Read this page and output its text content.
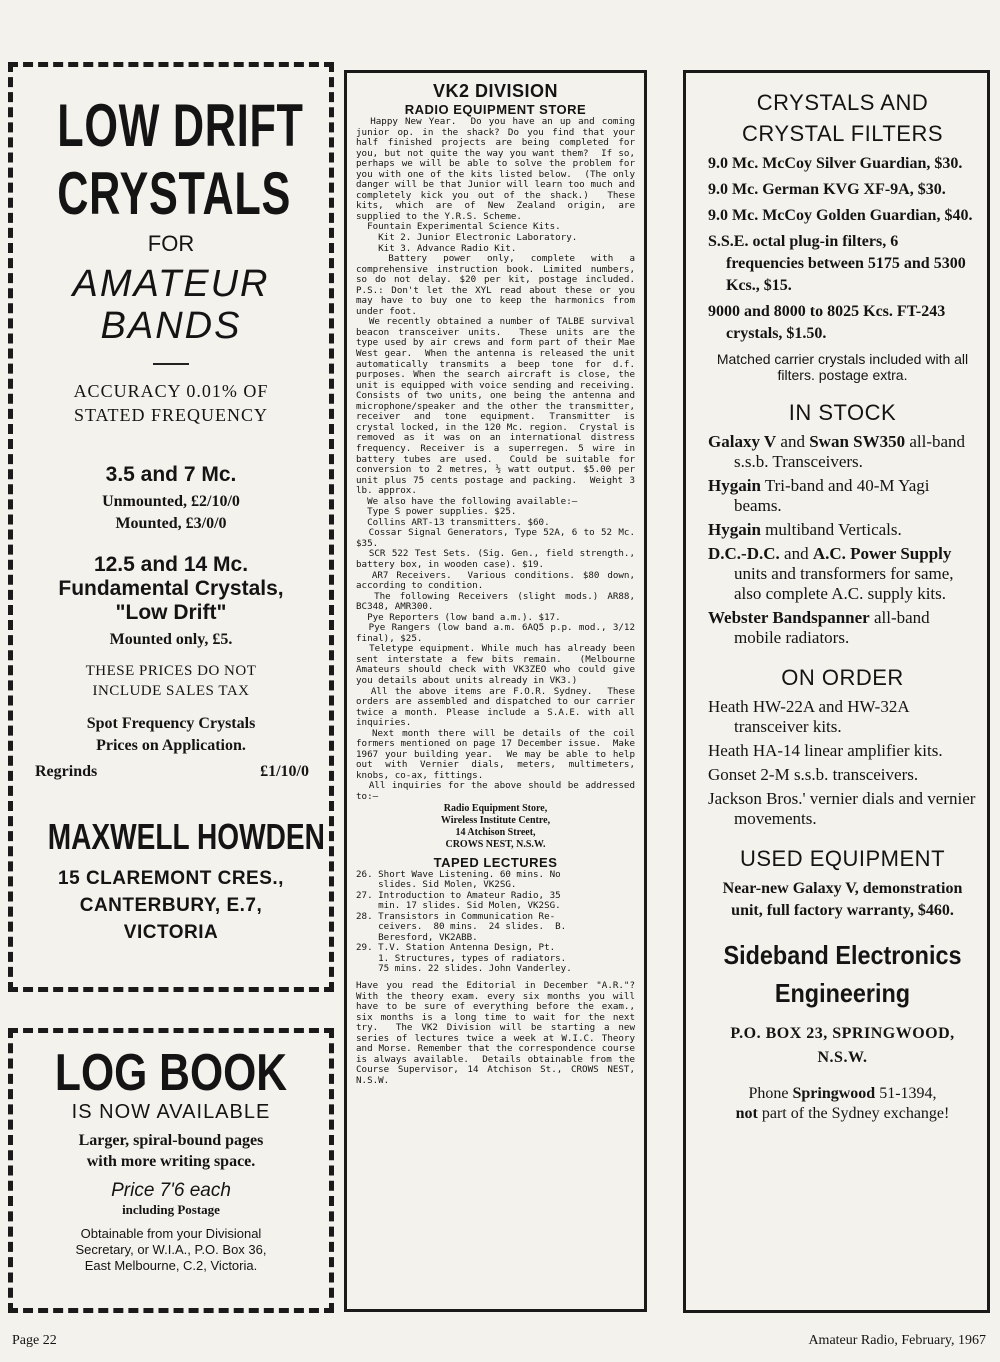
LOW DRIFT
CRYSTALS
FOR
AMATEUR
BANDS
ACCURACY 0.01% OF
STATED FREQUENCY
3.5 and 7 Mc.
Unmounted, £2/10/0
Mounted, £3/0/0
12.5 and 14 Mc.
Fundamental Crystals,
"Low Drift"
Mounted only, £5.
THESE PRICES DO NOT
INCLUDE SALES TAX
Spot Frequency Crystals
Prices on Application.
Regrinds	£1/10/0
MAXWELL HOWDEN
15 CLAREMONT CRES.,
CANTERBURY, E.7,
VICTORIA
LOG BOOK
IS NOW AVAILABLE
Larger, spiral-bound pages
with more writing space.
Price 7'6 each
including Postage
Obtainable from your Divisional
Secretary, or W.I.A., P.O. Box 36,
East Melbourne, C.2, Victoria.
VK2 DIVISION
RADIO EQUIPMENT STORE

Happy New Year.  Do you have an up and coming junior op. in the shack? Do you find that your half finished projects are being completed for you, but not quite the way you want them?  If so, perhaps we will be able to solve the problem for you with one of the kits listed below.  (The only danger will be that Junior will learn too much and completely kick you out of the shack.)  These kits, which are of New Zealand origin, are supplied to the Y.R.S. Scheme.
Fountain Experimental Science Kits.
Kit 2. Junior Electronic Laboratory.
Kit 3. Advance Radio Kit.
Battery power only, complete with a comprehensive instruction book. Limited numbers, so do not delay. $20 per kit, postage included.  P.S.: Don't let the XYL read about these or you may have to buy one to keep the harmonics from under foot.
We recently obtained a number of TALBE survival beacon transceiver units.  These units are the type used by air crews and form part of their Mae West gear.  When the antenna is released the unit automatically transmits a beep tone for d.f. purposes. When the search aircraft is close, the unit is equipped with voice sending and receiving.  Consists of two units, one being the antenna and microphone/speaker and the other the transmitter, receiver and tone equipment. Transmitter is crystal locked, in the 120 Mc. region.  Crystal is removed as it was on an international distress frequency. Receiver is a superregen. 5 wire in battery tubes are used.  Could be suitable for conversion to 2 metres, ½ watt output. $5.00 per unit plus 75 cents postage and packing.  Weight 3 lb. approx.
We also have the following available:—
Type S power supplies. $25.
Collins ART-13 transmitters. $60.
Cossar Signal Generators, Type 52A, 6 to 52 Mc. $35.
SCR 522 Test Sets. (Sig. Gen., field strength., battery box, in wooden case). $19.
AR7 Receivers.  Various conditions. $80 down, according to condition.
The following Receivers (slight mods.) AR88, BC348, AMR300.
Pye Reporters (low band a.m.). $17.
Pye Rangers (low band a.m. 6AQ5 p.p. mod., 3/12 final), $25.
Teletype equipment. While much has already been sent interstate a few bits remain.  (Melbourne Amateurs should check with VK3ZEO who could give you details about units already in VK3.)
All the above items are F.O.R. Sydney.  These orders are assembled and dispatched to our carrier twice a month. Please include a S.A.E. with all inquiries.
Next month there will be details of the coil formers mentioned on page 17 December issue.  Make 1967 your building year.  We may be able to help out with Vernier dials, meters, multimeters, knobs, co-ax, fittings.
All inquiries for the above should be addressed to:—

Radio Equipment Store,
Wireless Institute Centre,
14 Atchison Street,
CROWS NEST, N.S.W.
TAPED LECTURES

26. Short Wave Listening. 60 mins. No
slides. Sid Molen, VK2SG.
27. Introduction to Amateur Radio, 35
min. 17 slides. Sid Molen, VK2SG.
28. Transistors in Communication Re-
ceivers.  80 mins.  24 slides.  B.
Beresford, VK2ABB.
29. T.V. Station Antenna Design, Pt.
1. Structures, types of radiators.
75 mins. 22 slides. John Vanderley.

Have you read the Editorial in December "A.R."?  With the theory exam. every six months you will have to be sure of everything before the exam., six months is a long time to wait for the next try.  The VK2 Division will be starting a new series of lectures twice a week at W.I.C. Theory and Morse. Remember that the correspondence course is always available.  Details obtainable from the Course Supervisor, 14 Atchison St., CROWS NEST, N.S.W.

CRYSTALS AND
CRYSTAL FILTERS
9.0 Mc. McCoy Silver Guardian, $30.
9.0 Mc. German KVG XF-9A, $30.
9.0 Mc. McCoy Golden Guardian, $40.
S.S.E. octal plug-in filters, 6 frequencies between 5175 and 5300 Kcs., $15.
9000 and 8000 to 8025 Kcs. FT-243 crystals, $1.50.
Matched carrier crystals included with all filters. postage extra.
IN STOCK
Galaxy V and Swan SW350 all-band s.s.b. Transceivers.
Hygain Tri-band and 40-M Yagi beams.
Hygain multiband Verticals.
D.C.-D.C. and A.C. Power Supply units and transformers for same, also complete A.C. supply kits.
Webster Bandspanner all-band mobile radiators.
ON ORDER
Heath HW-22A and HW-32A transceiver kits.
Heath HA-14 linear amplifier kits.
Gonset 2-M s.s.b. transceivers.
Jackson Bros.' vernier dials and vernier movements.
USED EQUIPMENT
Near-new Galaxy V, demonstration unit, full factory warranty, $460.
Sideband Electronics
Engineering
P.O. BOX 23, SPRINGWOOD,
N.S.W.
Phone Springwood 51-1394,
not part of the Sydney exchange!
Page 22	Amateur Radio, February, 1967
